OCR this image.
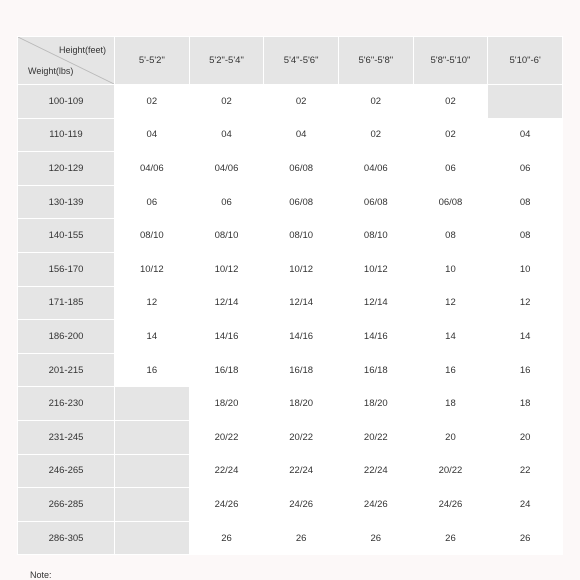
Height(feet)
Weight(lbs)	5'-5'2"	5'2"-5'4"	5'4"-5'6"	5'6"-5'8"	5'8"-5'10"	5'10"-6'
100-109	02	02	02	02	02	
110-119	04	04	04	02	02	04
120-129	04/06	04/06	06/08	04/06	06	06
130-139	06	06	06/08	06/08	06/08	08
140-155	08/10	08/10	08/10	08/10	08	08
156-170	10/12	10/12	10/12	10/12	10	10
171-185	12	12/14	12/14	12/14	12	12
186-200	14	14/16	14/16	14/16	14	14
201-215	16	16/18	16/18	16/18	16	16
216-230		18/20	18/20	18/20	18	18
231-245		20/22	20/22	20/22	20	20
246-265		22/24	22/24	22/24	20/22	22
266-285		24/26	24/26	24/26	24/26	24
286-305		26	26	26	26	26
Note:
